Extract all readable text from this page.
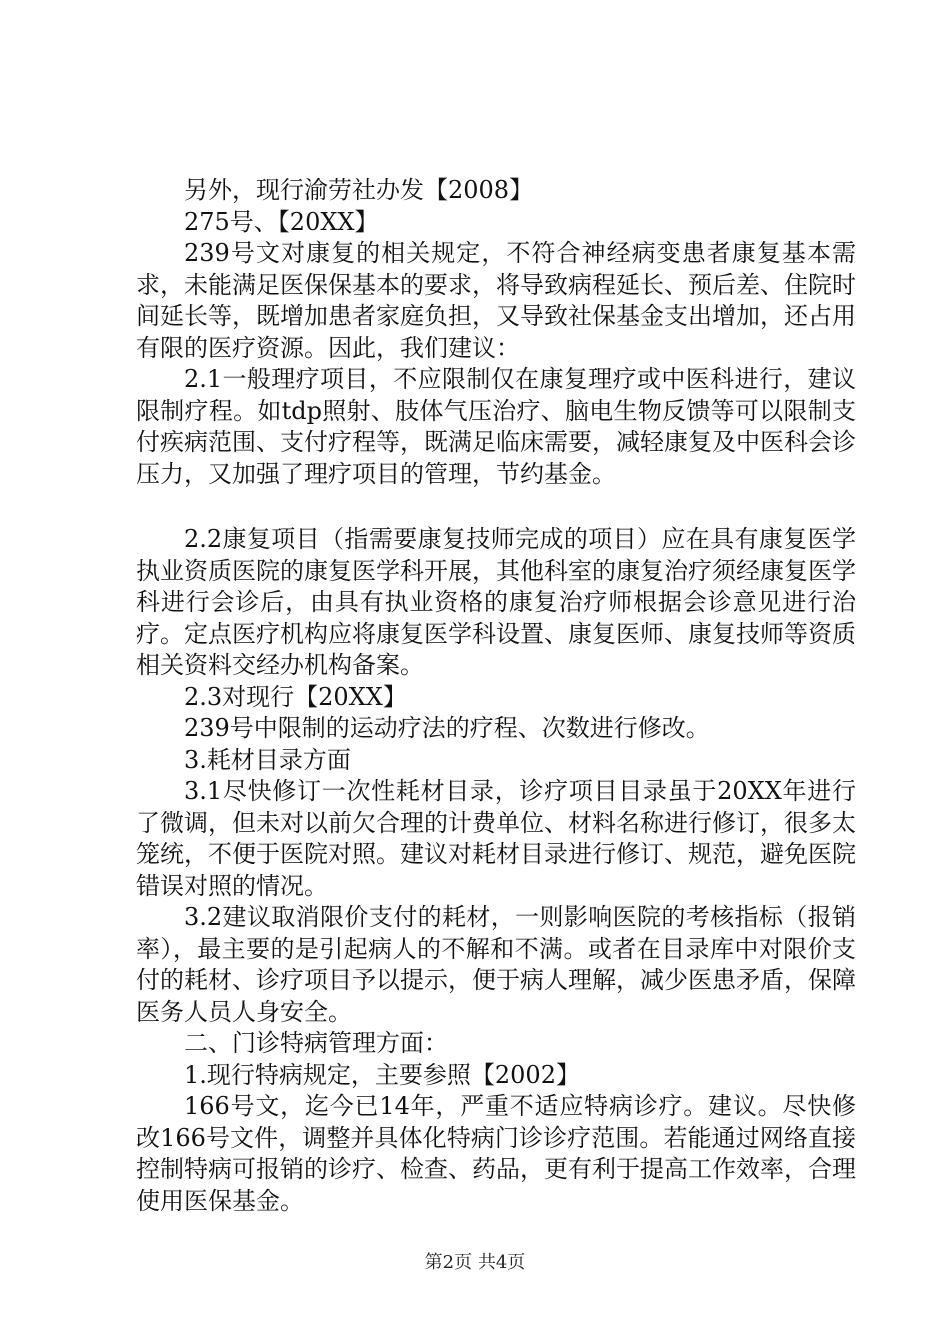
另外，现行渝劳社办发【2008】

275号、【20XX】

239号文对康复的相关规定，不符合神经病变患者康复基本需求，未能满足医保保基本的要求，将导致病程延长、预后差、住院时间延长等，既增加患者家庭负担，又导致社保基金支出增加，还占用有限的医疗资源。因此，我们建议：

2.1一般理疗项目，不应限制仅在康复理疗或中医科进行，建议限制疗程。如tdp照射、肢体气压治疗、脑电生物反馈等可以限制支付疾病范围、支付疗程等，既满足临床需要，减轻康复及中医科会诊压力，又加强了理疗项目的管理，节约基金。

2.2康复项目（指需要康复技师完成的项目）应在具有康复医学执业资质医院的康复医学科开展，其他科室的康复治疗须经康复医学科进行会诊后，由具有执业资格的康复治疗师根据会诊意见进行治疗。定点医疗机构应将康复医学科设置、康复医师、康复技师等资质相关资料交经办机构备案。

2.3对现行【20XX】

239号中限制的运动疗法的疗程、次数进行修改。

3.耗材目录方面

3.1尽快修订一次性耗材目录，诊疗项目目录虽于20XX年进行了微调，但未对以前欠合理的计费单位、材料名称进行修订，很多太笼统，不便于医院对照。建议对耗材目录进行修订、规范，避免医院错误对照的情况。

3.2建议取消限价支付的耗材，一则影响医院的考核指标（报销率），最主要的是引起病人的不解和不满。或者在目录库中对限价支付的耗材、诊疗项目予以提示，便于病人理解，减少医患矛盾，保障医务人员人身安全。

二、门诊特病管理方面：

1.现行特病规定，主要参照【2002】

166号文，迄今已14年，严重不适应特病诊疗。建议。尽快修改166号文件，调整并具体化特病门诊诊疗范围。若能通过网络直接控制特病可报销的诊疗、检查、药品，更有利于提高工作效率，合理使用医保基金。

第2页 共4页
